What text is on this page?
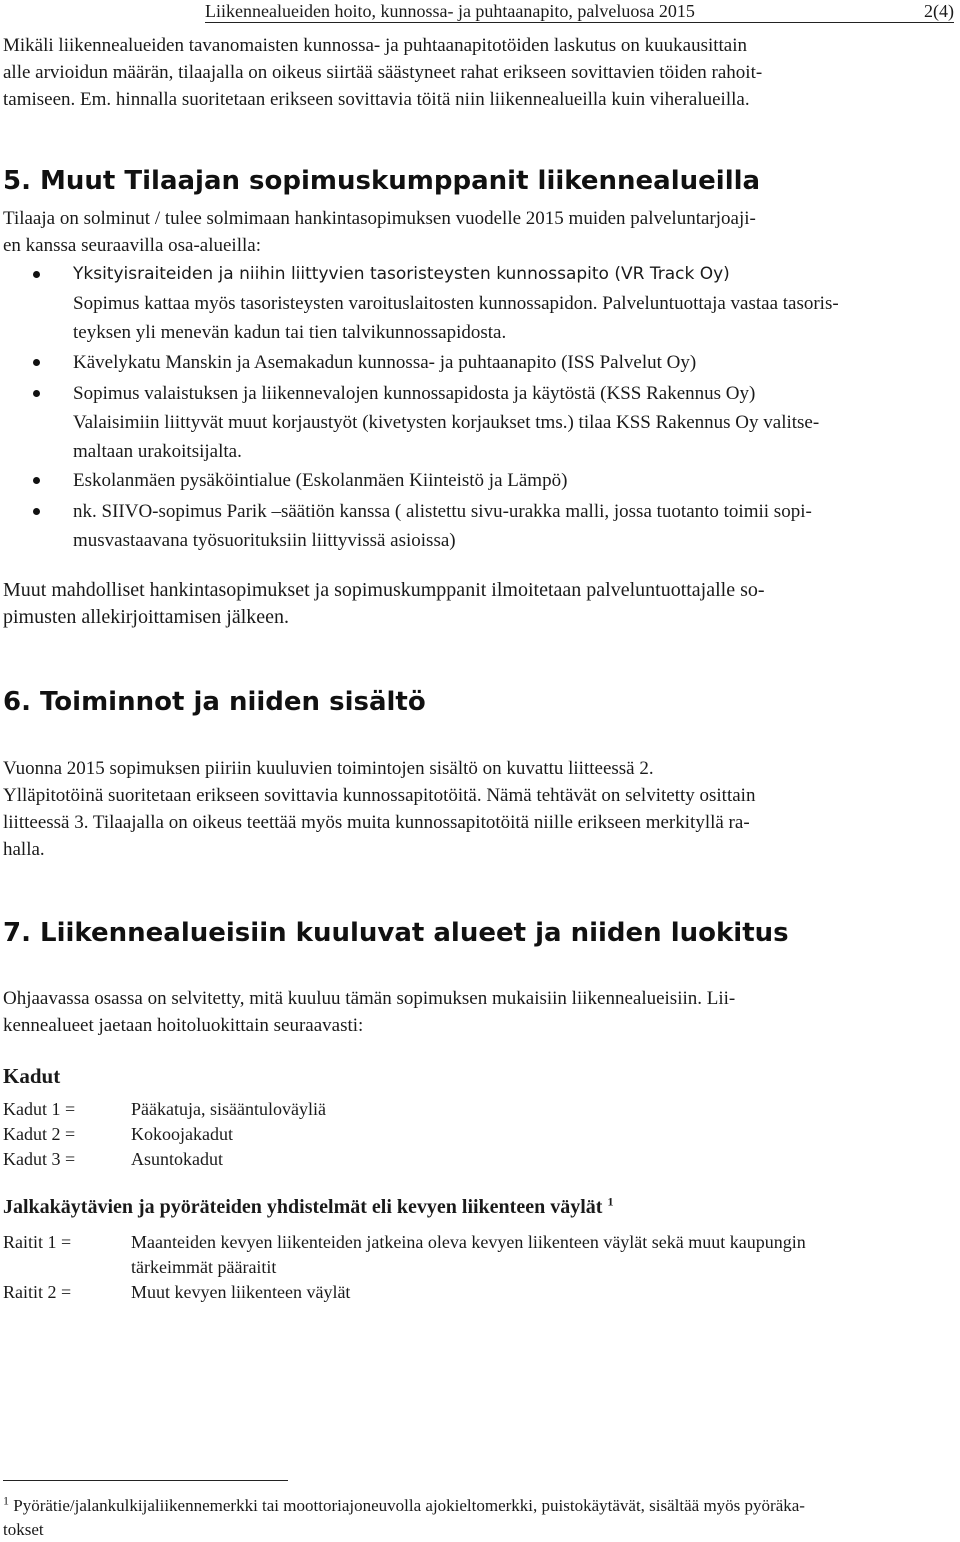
Liikennealueiden hoito, kunnossa- ja puhtaanapito, palveluosa 2015	2(4)
Mikäli liikennealueiden tavanomaisten kunnossa- ja puhtaanapitotöiden laskutus on kuukausittain
alle arvioidun määrän, tilaajalla on oikeus siirtää säästyneet rahat erikseen sovittavien töiden rahoit-
tamiseen. Em. hinnalla suoritetaan erikseen sovittavia töitä niin liikennealueilla kuin viheralueilla.
5. Muut Tilaajan sopimuskumppanit liikennealueilla
Tilaaja on solminut / tulee solmimaan hankintasopimuksen vuodelle 2015 muiden palveluntarjoaji-
en kanssa seuraavilla osa-alueilla:
Yksityisraiteiden ja niihin liittyvien tasoristeysten kunnossapito (VR Track Oy)
Sopimus kattaa myös tasoristeysten varoituslaitosten kunnossapidon. Palveluntuottaja vastaa tasoris-
teyksen yli menevän kadun tai tien talvikunnossapidosta.
Kävelykatu Manskin ja Asemakadun kunnossa- ja puhtaanapito (ISS Palvelut Oy)
Sopimus valaistuksen ja liikennevalojen kunnossapidosta ja käytöstä (KSS Rakennus Oy)
Valaisimiin liittyvät muut korjaustyöt (kivetysten korjaukset tms.) tilaa KSS Rakennus Oy valitse-
maltaan urakoitsijalta.
Eskolanmäen pysäköintialue (Eskolanmäen Kiinteistö ja Lämpö)
nk. SIIVO-sopimus Parik –säätiön kanssa ( alistettu sivu-urakka malli, jossa tuotanto toimii sopi-
musvastaavana työsuorituksiin liittyvissä asioissa)
Muut mahdolliset hankintasopimukset ja sopimuskumppanit ilmoitetaan palveluntuottajalle so-
pimusten allekirjoittamisen jälkeen.
6. Toiminnot ja niiden sisältö
Vuonna 2015 sopimuksen piiriin kuuluvien toimintojen sisältö on kuvattu liitteessä 2.
Ylläpitotöinä suoritetaan erikseen sovittavia kunnossapitotöitä. Nämä tehtävät on selvitetty osittain
liitteessä 3. Tilaajalla on oikeus teettää myös muita kunnossapitotöitä niille erikseen merkityllä ra-
halla.
7. Liikennealueisiin kuuluvat alueet ja niiden luokitus
Ohjaavassa osassa on selvitetty, mitä kuuluu tämän sopimuksen mukaisiin liikennealueisiin. Lii-
kennealueet jaetaan hoitoluokittain seuraavasti:
Kadut
Kadut 1 =	Pääkatuja, sisääntuloväyliä
Kadut 2 =	Kokoojakadut
Kadut 3 =	Asuntokadut
Jalkakäytävien ja pyöräteiden yhdistelmät eli kevyen liikenteen väylät $^1$
Raitit 1 =	Maanteiden kevyen liikenteiden jatkeina oleva kevyen liikenteen väylät sekä muut kaupungin
tärkeimmät pääraitit
Raitit 2 =	Muut kevyen liikenteen väylät
$^1$ Pyörätie/jalankulkijaliikennemerkki tai moottoriajoneuvolla ajokieltomerkki, puistokäytävät, sisältää myös pyöräka-
tokset
